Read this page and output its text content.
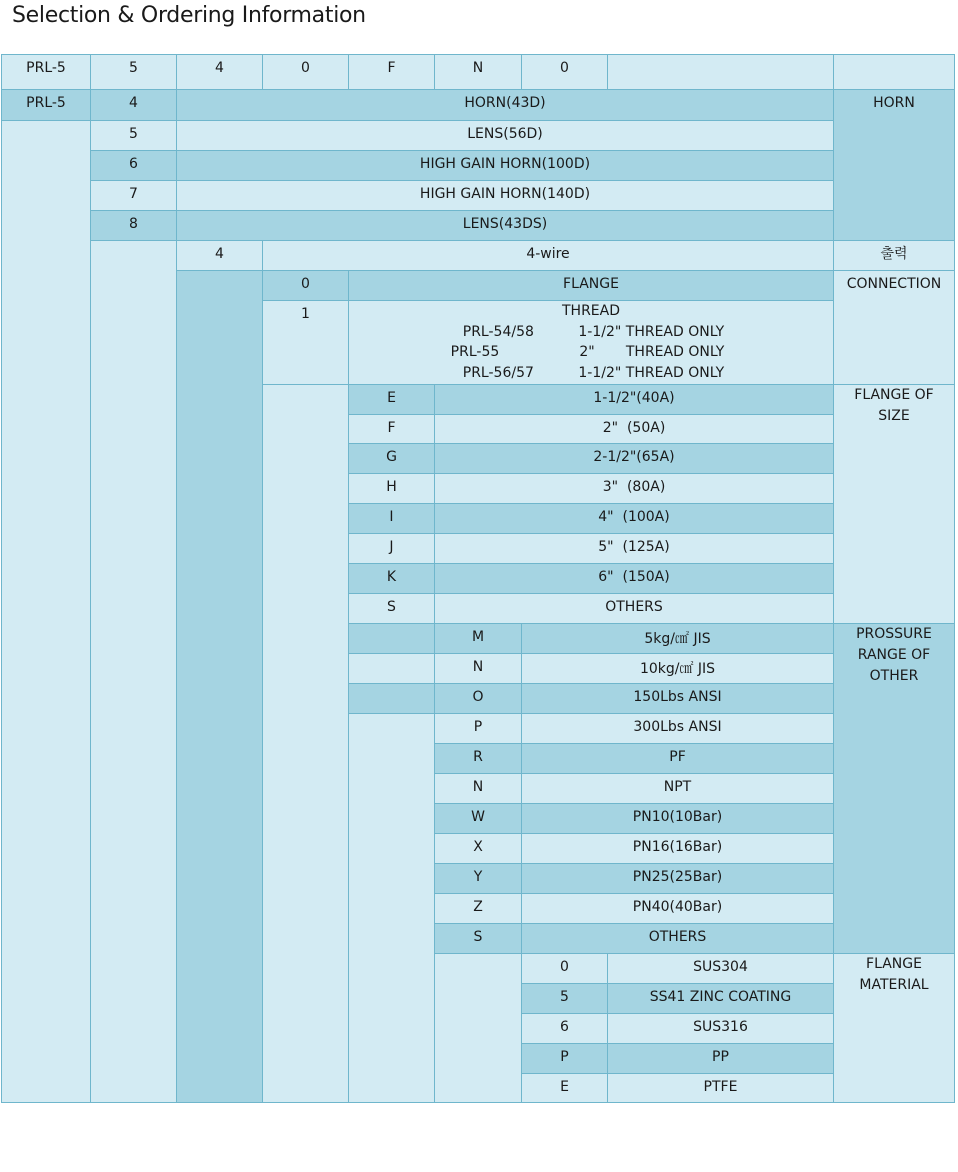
Selection & Ordering Information
PRL-5	5	4	0	F	N	0
PRL-5	4	HORN(43D)
5	LENS(56D)
6	HIGH GAIN HORN(100D)
7	HIGH GAIN HORN(140D)
8	LENS(43DS)
HORN
4	4-wire	출력
0	FLANGE
1	THREAD
PRL-54/58          1-1/2" THREAD ONLY
PRL-55                  2"       THREAD ONLY
PRL-56/57          1-1/2" THREAD ONLY
CONNECTION
E	1-1/2"(40A)
F	2"  (50A)
G	2-1/2"(65A)
H	3"  (80A)
I	4"  (100A)
J	5"  (125A)
K	6"  (150A)
S	OTHERS
FLANGE OF SIZE
M	5kg/㎠ JIS
N	10kg/㎠ JIS
O	150Lbs ANSI
P	300Lbs ANSI
R	PF
N	NPT
W	PN10(10Bar)
X	PN16(16Bar)
Y	PN25(25Bar)
Z	PN40(40Bar)
S	OTHERS
PROSSURE RANGE OF OTHER
0	SUS304
5	SS41 ZINC COATING
6	SUS316
P	PP
E	PTFE
FLANGE MATERIAL
